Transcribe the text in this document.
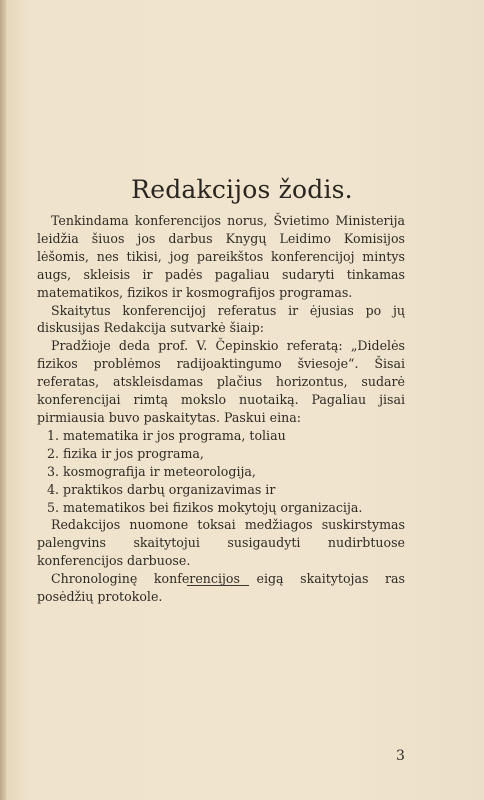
Redakcijos žodis.

Tenkindama konferencijos norus, Švietimo Ministerija leidžia šiuos jos darbus Knygų Leidimo Komisijos lėšomis, nes tikisi, jog pareikštos konferencijoj mintys augs, skleisis ir padės pagaliau sudaryti tinkamas matematikos, fizikos ir kosmografijos programas.

Skaitytus konferencijoj referatus ir ėjusias po jų diskusijas Redakcija sutvarkė šiaip:

Pradžioje deda prof. V. Čepinskio referatą: „Didelės fizikos problėmos radijoaktingumo šviesoje“. Šisai referatas, atskleisdamas plačius horizontus, sudarė konferencijai rimtą mokslo nuotaiką. Pagaliau jisai pirmiausia buvo paskaitytas. Paskui eina:

1. matematika ir jos programa, toliau
2. fizika ir jos programa,
3. kosmografija ir meteorologija,
4. praktikos darbų organizavimas ir
5. matematikos bei fizikos mokytojų organizacija.

Redakcijos nuomone toksai medžiagos suskirstymas palengvins skaitytojui susigaudyti nudirbtuose konferencijos darbuose.

Chronologinę konferencijos eigą skaitytojas ras posėdžių protokole.

3
